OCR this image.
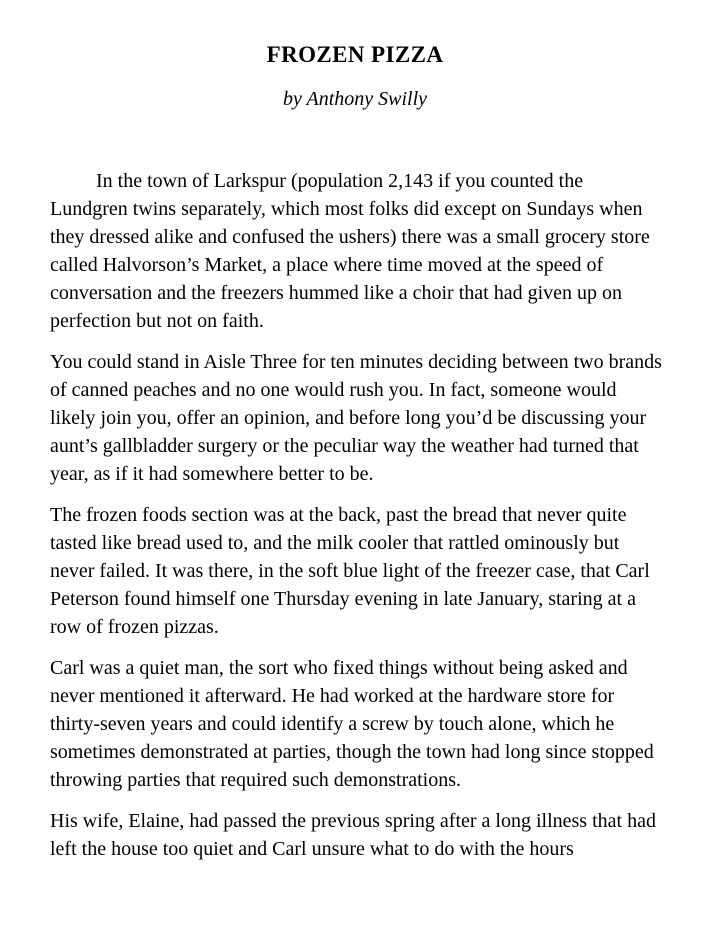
FROZEN PIZZA
by Anthony Swilly

In the town of Larkspur (population 2,143 if you counted the Lundgren twins separately, which most folks did except on Sundays when they dressed alike and confused the ushers) there was a small grocery store called Halvorson’s Market, a place where time moved at the speed of conversation and the freezers hummed like a choir that had given up on perfection but not on faith.

You could stand in Aisle Three for ten minutes deciding between two brands of canned peaches and no one would rush you. In fact, someone would likely join you, offer an opinion, and before long you’d be discussing your aunt’s gallbladder surgery or the peculiar way the weather had turned that year, as if it had somewhere better to be.

The frozen foods section was at the back, past the bread that never quite tasted like bread used to, and the milk cooler that rattled ominously but never failed. It was there, in the soft blue light of the freezer case, that Carl Peterson found himself one Thursday evening in late January, staring at a row of frozen pizzas.

Carl was a quiet man, the sort who fixed things without being asked and never mentioned it afterward. He had worked at the hardware store for thirty-seven years and could identify a screw by touch alone, which he sometimes demonstrated at parties, though the town had long since stopped throwing parties that required such demonstrations.

His wife, Elaine, had passed the previous spring after a long illness that had left the house too quiet and Carl unsure what to do with the hours
